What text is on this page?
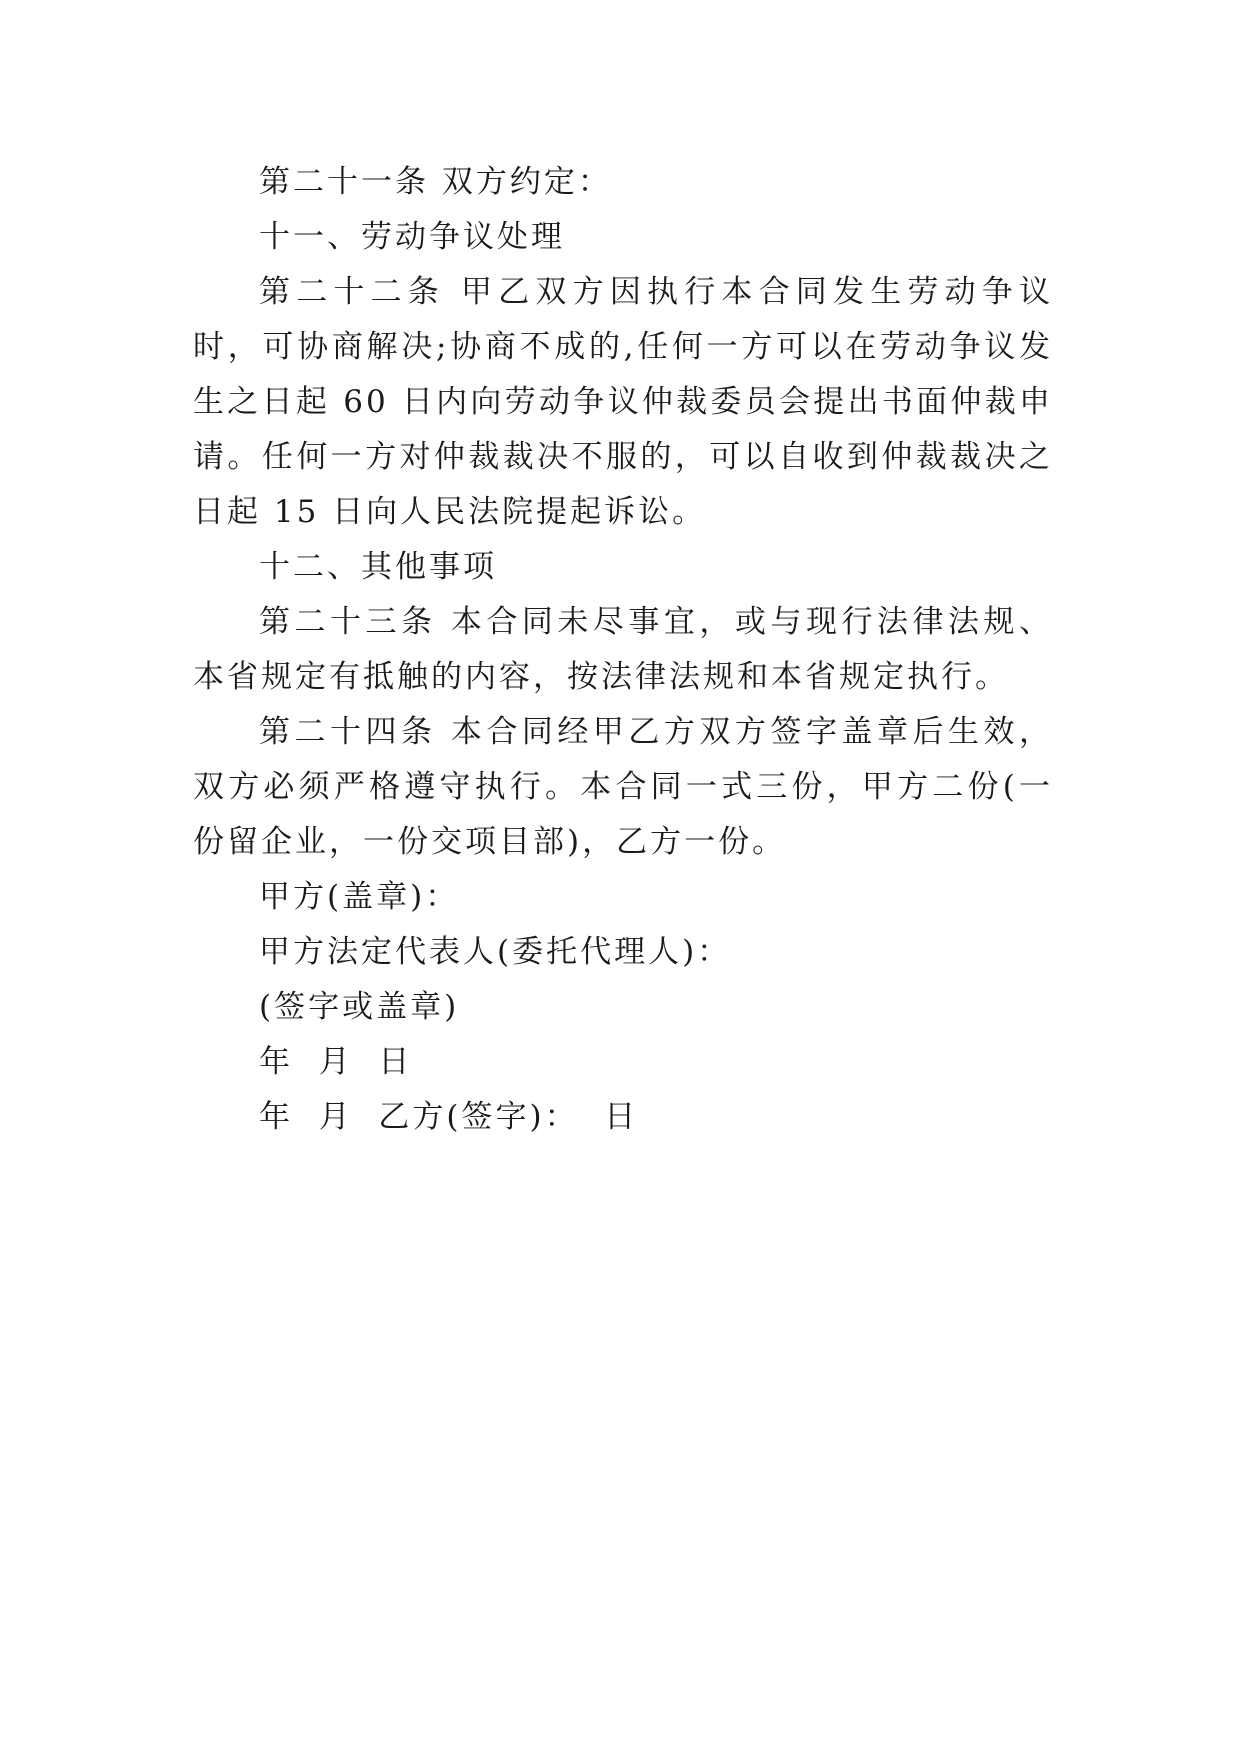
第二十一条 双方约定：

十一、劳动争议处理

第二十二条 甲乙双方因执行本合同发生劳动争议时，可协商解决;协商不成的,任何一方可以在劳动争议发生之日起 60 日内向劳动争议仲裁委员会提出书面仲裁申请。任何一方对仲裁裁决不服的，可以自收到仲裁裁决之日起 15 日向人民法院提起诉讼。

十二、其他事项

第二十三条 本合同未尽事宜，或与现行法律法规、本省规定有抵触的内容，按法律法规和本省规定执行。

第二十四条 本合同经甲乙方双方签字盖章后生效，双方必须严格遵守执行。本合同一式三份，甲方二份(一份留企业，一份交项目部)，乙方一份。

甲方(盖章)：

甲方法定代表人(委托代理人)：

(签字或盖章)

年  月  日

年  月  乙方(签字)：  日
